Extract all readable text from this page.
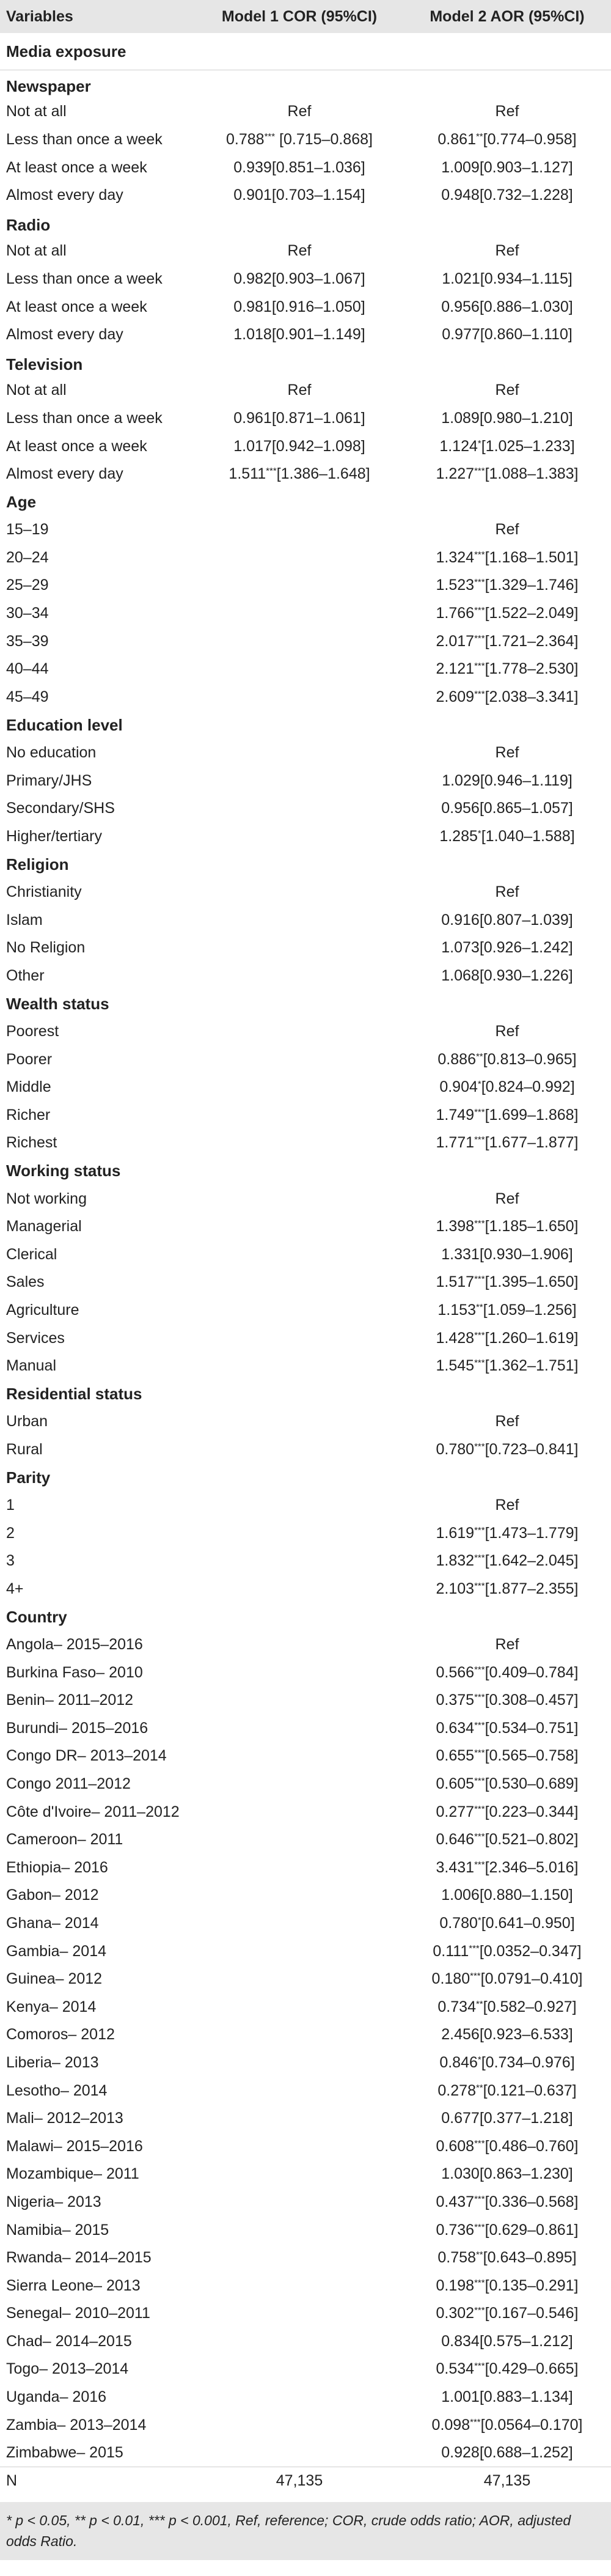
Variables	Model 1 COR (95%CI)	Model 2 AOR (95%CI)
Media exposure		
Newspaper		
Not at all	Ref	Ref
Less than once a week	0.788*** [0.715–0.868]	0.861**[0.774–0.958]
At least once a week	0.939[0.851–1.036]	1.009[0.903–1.127]
Almost every day	0.901[0.703–1.154]	0.948[0.732–1.228]
Radio		
Not at all	Ref	Ref
Less than once a week	0.982[0.903–1.067]	1.021[0.934–1.115]
At least once a week	0.981[0.916–1.050]	0.956[0.886–1.030]
Almost every day	1.018[0.901–1.149]	0.977[0.860–1.110]
Television		
Not at all	Ref	Ref
Less than once a week	0.961[0.871–1.061]	1.089[0.980–1.210]
At least once a week	1.017[0.942–1.098]	1.124*[1.025–1.233]
Almost every day	1.511***[1.386–1.648]	1.227***[1.088–1.383]
Age		
15–19		Ref
20–24		1.324***[1.168–1.501]
25–29		1.523***[1.329–1.746]
30–34		1.766***[1.522–2.049]
35–39		2.017***[1.721–2.364]
40–44		2.121***[1.778–2.530]
45–49		2.609***[2.038–3.341]
Education level		
No education		Ref
Primary/JHS		1.029[0.946–1.119]
Secondary/SHS		0.956[0.865–1.057]
Higher/tertiary		1.285*[1.040–1.588]
Religion		
Christianity		Ref
Islam		0.916[0.807–1.039]
No Religion		1.073[0.926–1.242]
Other		1.068[0.930–1.226]
Wealth status		
Poorest		Ref
Poorer		0.886**[0.813–0.965]
Middle		0.904*[0.824–0.992]
Richer		1.749***[1.699–1.868]
Richest		1.771***[1.677–1.877]
Working status		
Not working		Ref
Managerial		1.398***[1.185–1.650]
Clerical		1.331[0.930–1.906]
Sales		1.517***[1.395–1.650]
Agriculture		1.153**[1.059–1.256]
Services		1.428***[1.260–1.619]
Manual		1.545***[1.362–1.751]
Residential status		
Urban		Ref
Rural		0.780***[0.723–0.841]
Parity		
1		Ref
2		1.619***[1.473–1.779]
3		1.832***[1.642–2.045]
4+		2.103***[1.877–2.355]
Country		
Angola– 2015–2016		Ref
Burkina Faso– 2010		0.566***[0.409–0.784]
Benin– 2011–2012		0.375***[0.308–0.457]
Burundi– 2015–2016		0.634***[0.534–0.751]
Congo DR– 2013–2014		0.655***[0.565–0.758]
Congo 2011–2012		0.605***[0.530–0.689]
Côte d'Ivoire– 2011–2012		0.277***[0.223–0.344]
Cameroon– 2011		0.646***[0.521–0.802]
Ethiopia– 2016		3.431***[2.346–5.016]
Gabon– 2012		1.006[0.880–1.150]
Ghana– 2014		0.780*[0.641–0.950]
Gambia– 2014		0.111***[0.0352–0.347]
Guinea– 2012		0.180***[0.0791–0.410]
Kenya– 2014		0.734**[0.582–0.927]
Comoros– 2012		2.456[0.923–6.533]
Liberia– 2013		0.846*[0.734–0.976]
Lesotho– 2014		0.278**[0.121–0.637]
Mali– 2012–2013		0.677[0.377–1.218]
Malawi– 2015–2016		0.608***[0.486–0.760]
Mozambique– 2011		1.030[0.863–1.230]
Nigeria– 2013		0.437***[0.336–0.568]
Namibia– 2015		0.736***[0.629–0.861]
Rwanda– 2014–2015		0.758**[0.643–0.895]
Sierra Leone– 2013		0.198***[0.135–0.291]
Senegal– 2010–2011		0.302***[0.167–0.546]
Chad– 2014–2015		0.834[0.575–1.212]
Togo– 2013–2014		0.534***[0.429–0.665]
Uganda– 2016		1.001[0.883–1.134]
Zambia– 2013–2014		0.098***[0.0564–0.170]
Zimbabwe– 2015		0.928[0.688–1.252]
N	47,135	47,135
* p < 0.05, ** p < 0.01, *** p < 0.001, Ref, reference; COR, crude odds ratio; AOR, adjusted odds Ratio.
